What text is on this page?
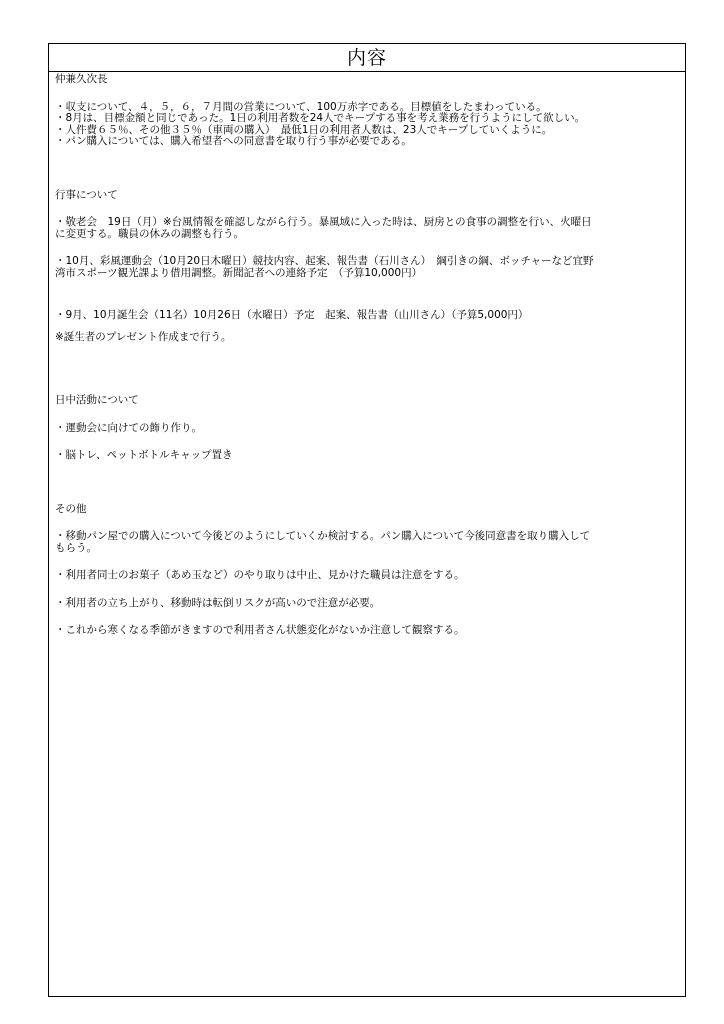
内容
仲兼久次長
・収支について、４，５，６，７月間の営業について、100万赤字である。目標値をしたまわっている。
・8月は、目標金額と同じであった。1日の利用者数を24人でキープする事を考え業務を行うようにして欲しい。
・人件費６５％、その他３５％（車両の購入）　最低1日の利用者人数は、23人でキープしていくように。
・パン購入については、購入希望者への同意書を取り行う事が必要である。
行事について
・敬老会　19日（月）※台風情報を確認しながら行う。暴風域に入った時は、厨房との食事の調整を行い、火曜日
に変更する。職員の休みの調整も行う。
・10月、彩風運動会（10月20日木曜日）競技内容、起案、報告書（石川さん）　綱引きの綱、ボッチャーなど宜野
湾市スポーツ観光課より借用調整。新聞記者への連絡予定　（予算10,000円）
・9月、10月誕生会（11名）10月26日（水曜日）予定　起案、報告書（山川さん）（予算5,000円）
※誕生者のプレゼント作成まで行う。
日中活動について
・運動会に向けての飾り作り。
・脳トレ、ペットボトルキャップ置き
その他
・移動パン屋での購入について今後どのようにしていくか検討する。パン購入について今後同意書を取り購入して
もらう。
・利用者同士のお菓子（あめ玉など）のやり取りは中止、見かけた職員は注意をする。
・利用者の立ち上がり、移動時は転倒リスクが高いので注意が必要。
・これから寒くなる季節がきますので利用者さん状態変化がないか注意して観察する。
